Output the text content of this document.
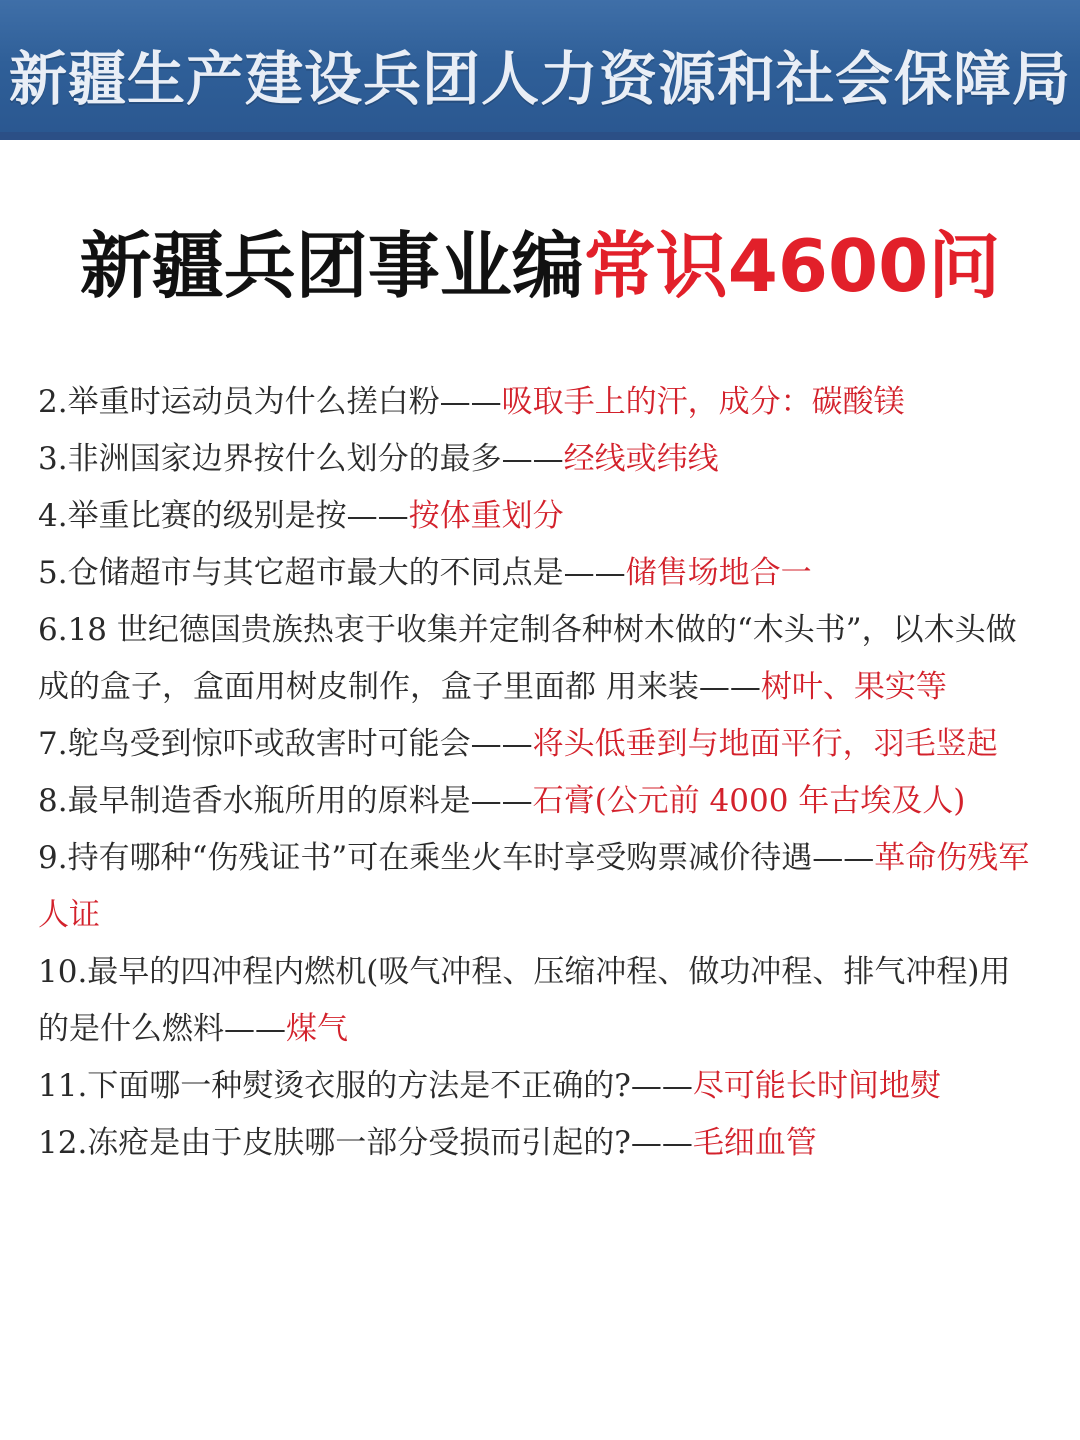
新疆生产建设兵团人力资源和社会保障局
新疆兵团事业编常识4600问
2.举重时运动员为什么搓白粉——吸取手上的汗，成分：碳酸镁
3.非洲国家边界按什么划分的最多——经线或纬线
4.举重比赛的级别是按——按体重划分
5.仓储超市与其它超市最大的不同点是——储售场地合一
6.18 世纪德国贵族热衷于收集并定制各种树木做的“木头书”，以木头做成的盒子，盒面用树皮制作，盒子里面都 用来装——树叶、果实等
7.鸵鸟受到惊吓或敌害时可能会——将头低垂到与地面平行，羽毛竖起
8.最早制造香水瓶所用的原料是——石膏(公元前 4000 年古埃及人)
9.持有哪种“伤残证书”可在乘坐火车时享受购票减价待遇——革命伤残军人证
10.最早的四冲程内燃机(吸气冲程、压缩冲程、做功冲程、排气冲程)用的是什么燃料——煤气
11.下面哪一种熨烫衣服的方法是不正确的?——尽可能长时间地熨
12.冻疮是由于皮肤哪一部分受损而引起的?——毛细血管
